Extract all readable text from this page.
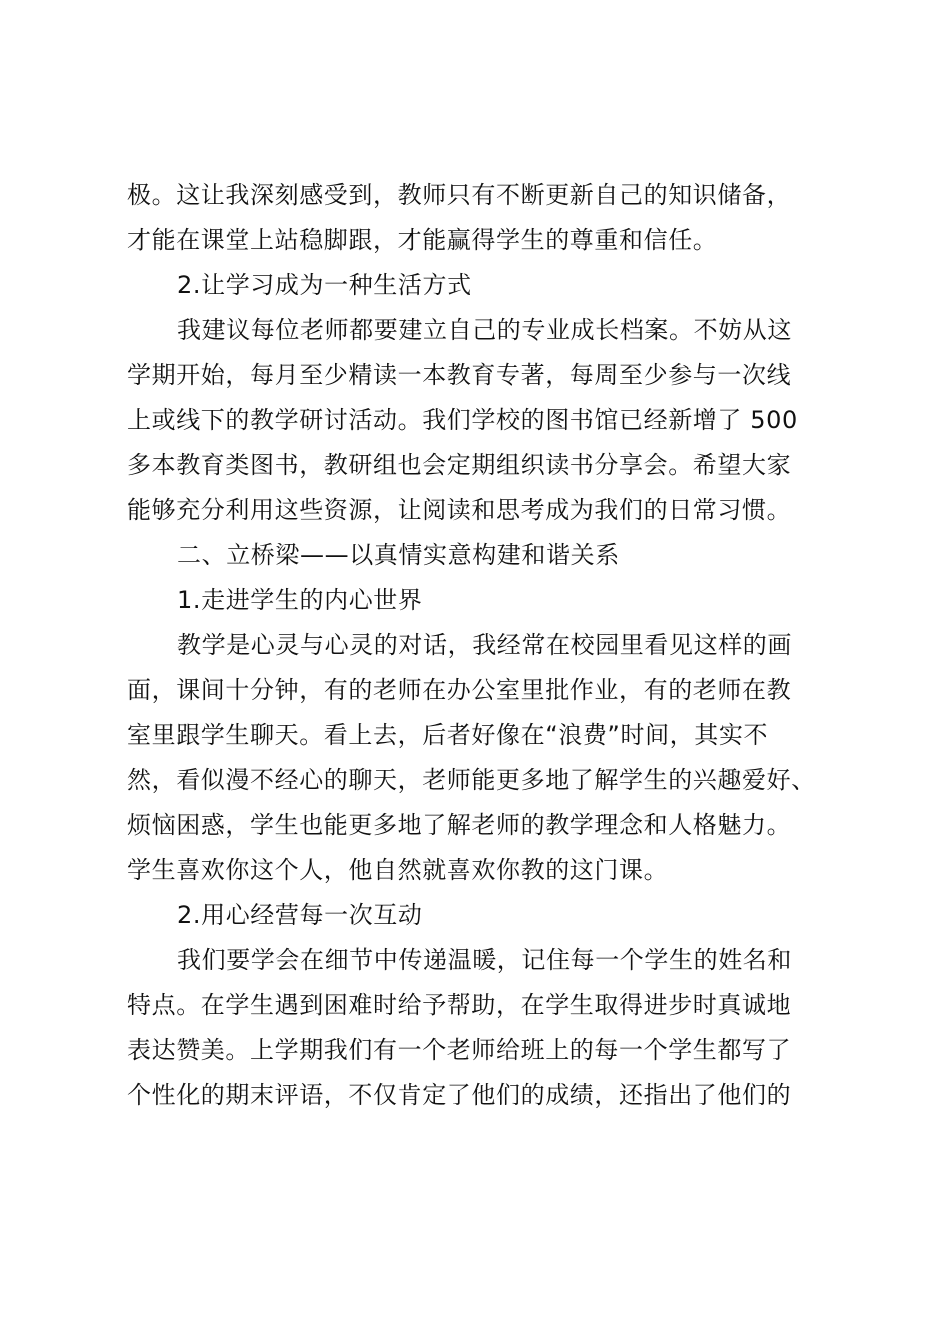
极。这让我深刻感受到，教师只有不断更新自己的知识储备，
才能在课堂上站稳脚跟，才能赢得学生的尊重和信任。
2.让学习成为一种生活方式
我建议每位老师都要建立自己的专业成长档案。不妨从这
学期开始，每月至少精读一本教育专著，每周至少参与一次线
上或线下的教学研讨活动。我们学校的图书馆已经新增了 500
多本教育类图书，教研组也会定期组织读书分享会。希望大家
能够充分利用这些资源，让阅读和思考成为我们的日常习惯。
二、立桥梁——以真情实意构建和谐关系
1.走进学生的内心世界
教学是心灵与心灵的对话，我经常在校园里看见这样的画
面，课间十分钟，有的老师在办公室里批作业，有的老师在教
室里跟学生聊天。看上去，后者好像在“浪费”时间，其实不
然，看似漫不经心的聊天，老师能更多地了解学生的兴趣爱好、
烦恼困惑，学生也能更多地了解老师的教学理念和人格魅力。
学生喜欢你这个人，他自然就喜欢你教的这门课。
2.用心经营每一次互动
我们要学会在细节中传递温暖，记住每一个学生的姓名和
特点。在学生遇到困难时给予帮助，在学生取得进步时真诚地
表达赞美。上学期我们有一个老师给班上的每一个学生都写了
个性化的期末评语，不仅肯定了他们的成绩，还指出了他们的
